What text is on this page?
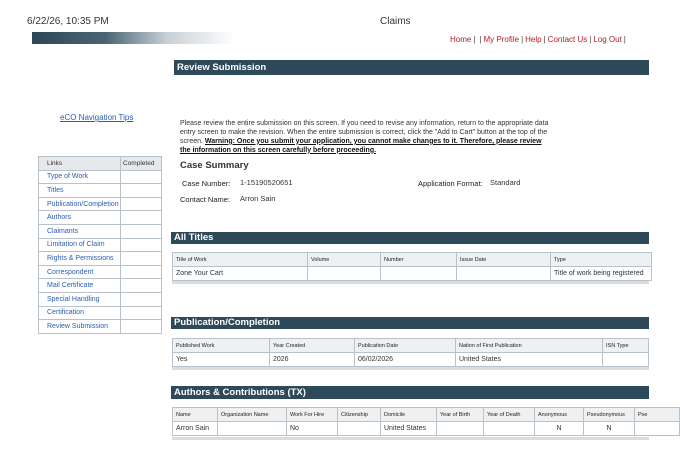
6/22/26, 10:35 PM	Claims
Home | | My Profile | Help | Contact Us | Log Out |
Review Submission
Please review the entire submission on this screen. If you need to revise any information, return to the appropriate data entry screen to make the revision. When the entire submission is correct, click the "Add to Cart" button at the top of the screen. Warning: Once you submit your application, you cannot make changes to it. Therefore, please review the information on this screen carefully before proceeding.
eCO Navigation Tips
Links	Completed
Type of Work	
Titles	
Publication/Completion	
Authors	
Claimants	
Limitation of Claim	
Rights & Permissions	
Correspondent	
Mail Certificate	
Special Handling	
Certification	
Review Submission	
Case Summary
Case Number: 1-15190520651
Contact Name: Arron Sain
Application Format: Standard
All Titles
Title of Work	Volume	Number	Issue Date	Type
Zone Your Cart				Title of work being registered
Publication/Completion
Published Work	Year Created	Publication Date	Nation of First Publication	ISN Type
Yes	2026	06/02/2026	United States	
Authors & Contributions (TX)
Name	Organization Name	Work For Hire	Citizenship	Domicile	Year of Birth	Year of Death	Anonymous	Pseudonymous	Pse
Arron Sain		No		United States			N	N	
